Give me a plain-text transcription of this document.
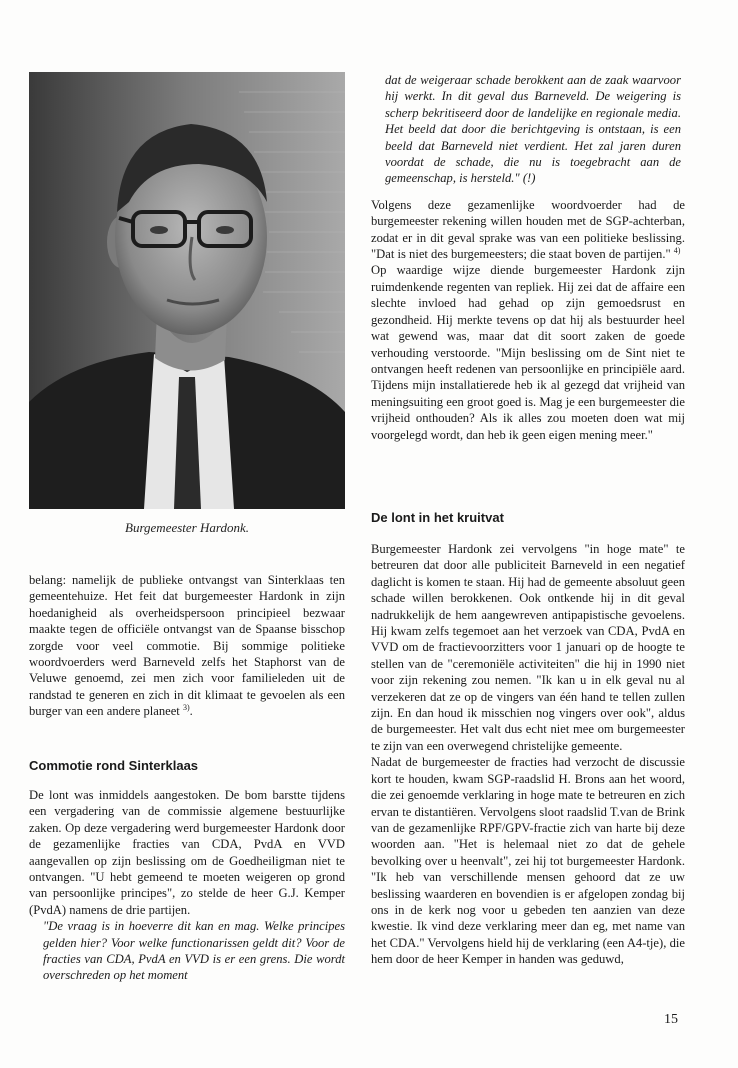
Burgemeester Hardonk.

belang: namelijk de publieke ontvangst van Sinterklaas ten gemeentehuize. Het feit dat burgemeester Hardonk in zijn hoedanigheid als overheidspersoon principieel bezwaar maakte tegen de officiële ontvangst van de Spaanse bisschop zorgde voor veel commotie. Bij sommige politieke woordvoerders werd Barneveld zelfs het Staphorst van de Veluwe genoemd, zei men zich voor familieleden uit de randstad te generen en zich in dit klimaat te gevoelen als een burger van een andere planeet $^{3)}$.

Commotie rond Sinterklaas

De lont was inmiddels aangestoken. De bom barstte tijdens een vergadering van de commissie algemene bestuurlijke zaken. Op deze vergadering werd burgemeester Hardonk door de gezamenlijke fracties van CDA, PvdA en VVD aangevallen op zijn beslissing om de Goedheiligman niet te ontvangen. "U hebt gemeend te moeten weigeren op grond van persoonlijke principes", zo stelde de heer G.J. Kemper (PvdA) namens de drie partijen.

"De vraag is in hoeverre dit kan en mag. Welke principes gelden hier? Voor welke functionarissen geldt dit? Voor de fracties van CDA, PvdA en VVD is er een grens. Die wordt overschreden op het moment

dat de weigeraar schade berokkent aan de zaak waarvoor hij werkt. In dit geval dus Barneveld. De weigering is scherp bekritiseerd door de landelijke en regionale media. Het beeld dat door die berichtgeving is ontstaan, is een beeld dat Barneveld niet verdient. Het zal jaren duren voordat de schade, die nu is toegebracht aan de gemeenschap, is hersteld." (!)

Volgens deze gezamenlijke woordvoerder had de burgemeester rekening willen houden met de SGP-achterban, zodat er in dit geval sprake was van een politieke beslissing. "Dat is niet des burgemeesters; die staat boven de partijen." $^{4)}$

Op waardige wijze diende burgemeester Hardonk zijn ruimdenkende regenten van repliek. Hij zei dat de affaire een slechte invloed had gehad op zijn gemoedsrust en gezondheid. Hij merkte tevens op dat hij als bestuurder heel wat gewend was, maar dat dit soort zaken de goede verhouding verstoorde. "Mijn beslissing om de Sint niet te ontvangen heeft redenen van persoonlijke en principiële aard. Tijdens mijn installatierede heb ik al gezegd dat vrijheid van meningsuiting een groot goed is. Mag je een burgemeester die vrijheid onthouden? Als ik alles zou moeten doen wat mij voorgelegd wordt, dan heb ik geen eigen mening meer."

De lont in het kruitvat

Burgemeester Hardonk zei vervolgens "in hoge mate" te betreuren dat door alle publiciteit Barneveld in een negatief daglicht is komen te staan. Hij had de gemeente absoluut geen schade willen berokkenen. Ook ontkende hij in dit geval nadrukkelijk de hem aangewreven antipapistische gevoelens. Hij kwam zelfs tegemoet aan het verzoek van CDA, PvdA en VVD om de fractievoorzitters voor 1 januari op de hoogte te stellen van de "ceremoniële activiteiten" die hij in 1990 niet voor zijn rekening zou nemen. "Ik kan u in elk geval nu al verzekeren dat ze op de vingers van één hand te tellen zullen zijn. En dan houd ik misschien nog vingers over ook", aldus de burgemeester. Het valt dus echt niet mee om burgemeester te zijn van een overwegend christelijke gemeente.

Nadat de burgemeester de fracties had verzocht de discussie kort te houden, kwam SGP-raadslid H. Brons aan het woord, die zei genoemde verklaring in hoge mate te betreuren en zich ervan te distantiëren. Vervolgens sloot raadslid T.van de Brink van de gezamenlijke RPF/GPV-fractie zich van harte bij deze woorden aan. "Het is helemaal niet zo dat de gehele bevolking over u heenvalt", zei hij tot burgemeester Hardonk. "Ik heb van verschillende mensen gehoord dat ze uw beslissing waarderen en bovendien is er afgelopen zondag bij ons in de kerk nog voor u gebeden ten aanzien van deze kwestie. Ik vind deze verklaring meer dan eg, met name van het CDA." Vervolgens hield hij de verklaring (een A4-tje), die hem door de heer Kemper in handen was geduwd,

15
